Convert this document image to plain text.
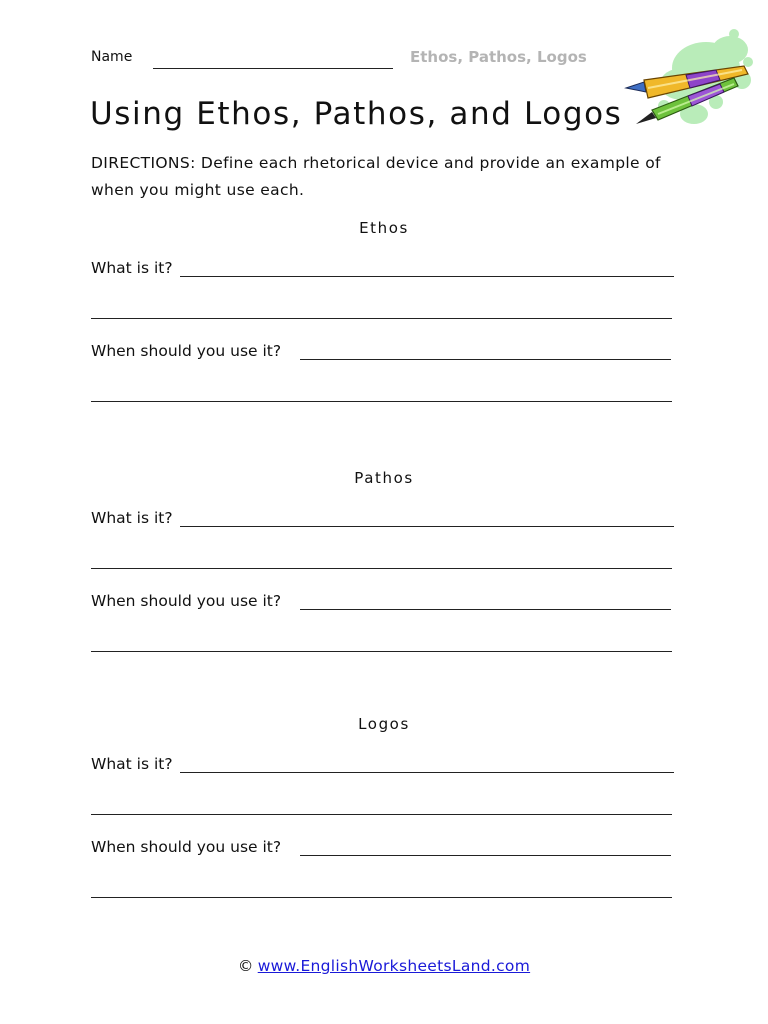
Name	Ethos, Pathos, Logos
Using Ethos, Pathos, and Logos
DIRECTIONS: Define each rhetorical device and provide an example of when you might use each.
Ethos
What is it?
When should you use it?
Pathos
What is it?
When should you use it?
Logos
What is it?
When should you use it?
© www.EnglishWorksheetsLand.com
